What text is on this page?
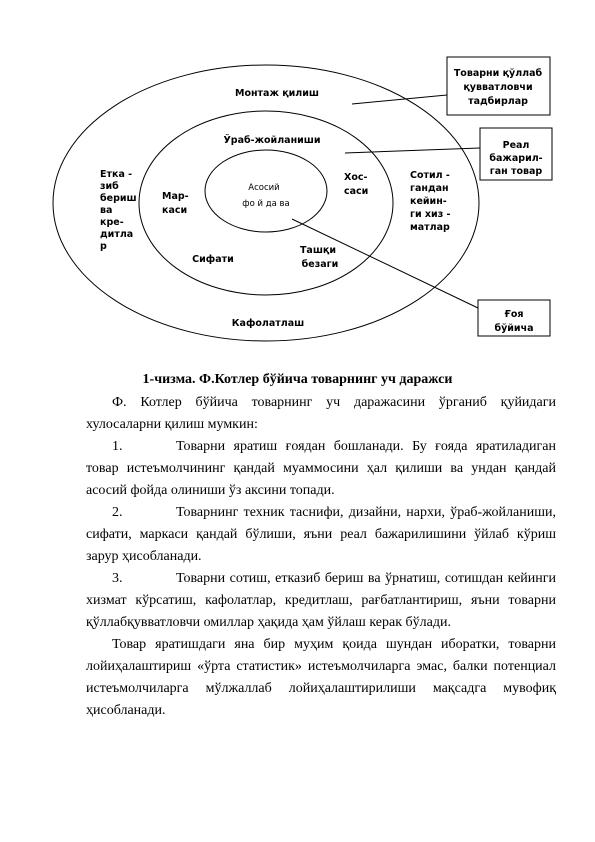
Товарни қўллаб
қувватловчи
тадбирлар
Реал
бажарил-
ган товар
Ғоя
бўйича
Монтаж қилиш
Кафолатлаш
Етка -
зиб
бериш
ва
кре-
дитла
р
Сотил -
гандан
кейин-
ги хиз -
матлар
Ўраб-жойланиши
Мар-
каси
Хос-
саси
Сифати
Ташқи
безаги
Асосий
фо й да ва
1-чизма. Ф.Котлер бўйича товарнинг уч даражси

Ф. Котлер бўйича товарнинг уч даражасини ўрганиб қуйидаги хулосаларни қилиш мумкин:

1.	Товарни яратиш ғоядан бошланади. Бу ғояда яратиладиган товар истеъмолчининг қандай муаммосини ҳал қилиши ва ундан қандай асосий фойда олиниши ўз аксини топади.

2.	Товарнинг техник таснифи, дизайни, нархи, ўраб-жойланиши, сифати, маркаси қандай бўлиши, яъни реал бажарилишини ўйлаб кўриш зарур ҳисобланади.

3.	Товарни сотиш, етказиб бериш ва ўрнатиш, сотишдан кейинги хизмат кўрсатиш, кафолатлар, кредитлаш, рағбатлантириш, яъни товарни қўллабқувватловчи омиллар ҳақида ҳам ўйлаш керак бўлади.

Товар яратишдаги яна бир муҳим қоида шундан иборатки, товарни лойиҳалаштириш «ўрта статистик» истеъмолчиларга эмас, балки потенциал истеъмолчиларга мўлжаллаб лойиҳалаштирилиши мақсадга мувофиқ ҳисобланади.
